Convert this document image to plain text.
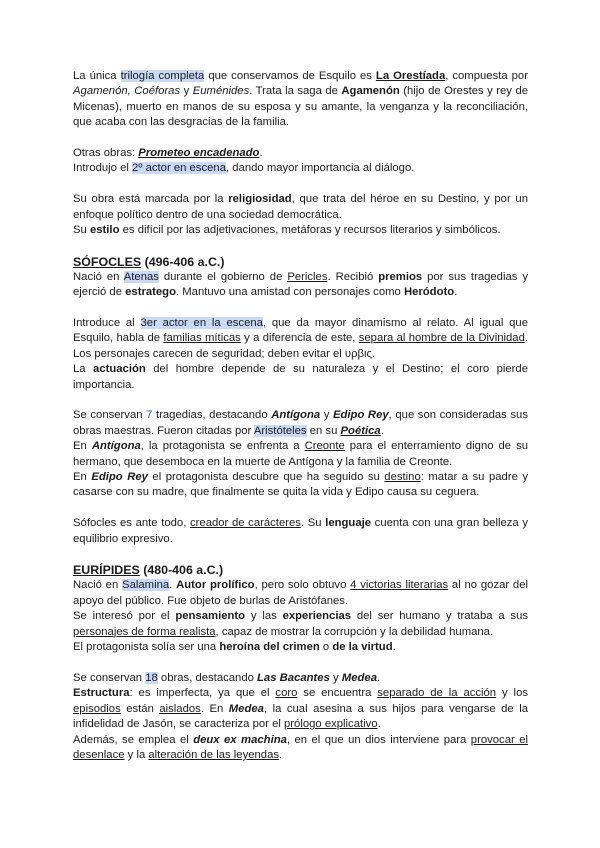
La única trilogía completa que conservamos de Esquilo es La Orestíada, compuesta por Agamenón, Coéforas y Euménides. Trata la saga de Agamenón (hijo de Orestes y rey de Micenas), muerto en manos de su esposa y su amante, la venganza y la reconciliación, que acaba con las desgracias de la familia.

Otras obras: Prometeo encadenado.

Introdujo el 2º actor en escena, dando mayor importancia al diálogo.

Su obra está marcada por la religiosidad, que trata del héroe en su Destino, y por un enfoque político dentro de una sociedad democrática.

Su estilo es difícil por las adjetivaciones, metáforas y recursos literarios y simbólicos.

SÓFOCLES (496-406 a.C.)

Nació en Atenas durante el gobierno de Pericles. Recibió premios por sus tragedias y ejerció de estratego. Mantuvo una amistad con personajes como Heródoto.

Introduce al 3er actor en la escena, que da mayor dinamismo al relato. Al igual que Esquilo, habla de familias míticas y a diferencia de este, separa al hombre de la Divinidad. Los personajes carecen de seguridad; deben evitar el υρβις.

La actuación del hombre depende de su naturaleza y el Destino; el coro pierde importancia.

Se conservan 7 tragedias, destacando Antígona y Edipo Rey, que son consideradas sus obras maestras. Fueron citadas por Aristóteles en su Poética.

En Antígona, la protagonista se enfrenta a Creonte para el enterramiento digno de su hermano, que desemboca en la muerte de Antígona y la familia de Creonte.

En Edipo Rey el protagonista descubre que ha seguido su destino: matar a su padre y casarse con su madre, que finalmente se quita la vida y Edipo causa su ceguera.

Sófocles es ante todo, creador de carácteres. Su lenguaje cuenta con una gran belleza y equilibrio expresivo.

EURÍPIDES (480-406 a.C.)

Nació en Salamina. Autor prolífico, pero solo obtuvo 4 victorias literarias al no gozar del apoyo del público. Fue objeto de burlas de Aristófanes.

Se interesó por el pensamiento y las experiencias del ser humano y trataba a sus personajes de forma realista, capaz de mostrar la corrupción y la debilidad humana.

El protagonista solía ser una heroína del crimen o de la virtud.

Se conservan 18 obras, destacando Las Bacantes y Medea.

Estructura: es imperfecta, ya que el coro se encuentra separado de la acción y los episodios están aislados. En Medea, la cual asesina a sus hijos para vengarse de la infidelidad de Jasón, se caracteriza por el prólogo explicativo.

Además, se emplea el deux ex machina, en el que un dios interviene para provocar el desenlace y la alteración de las leyendas.
